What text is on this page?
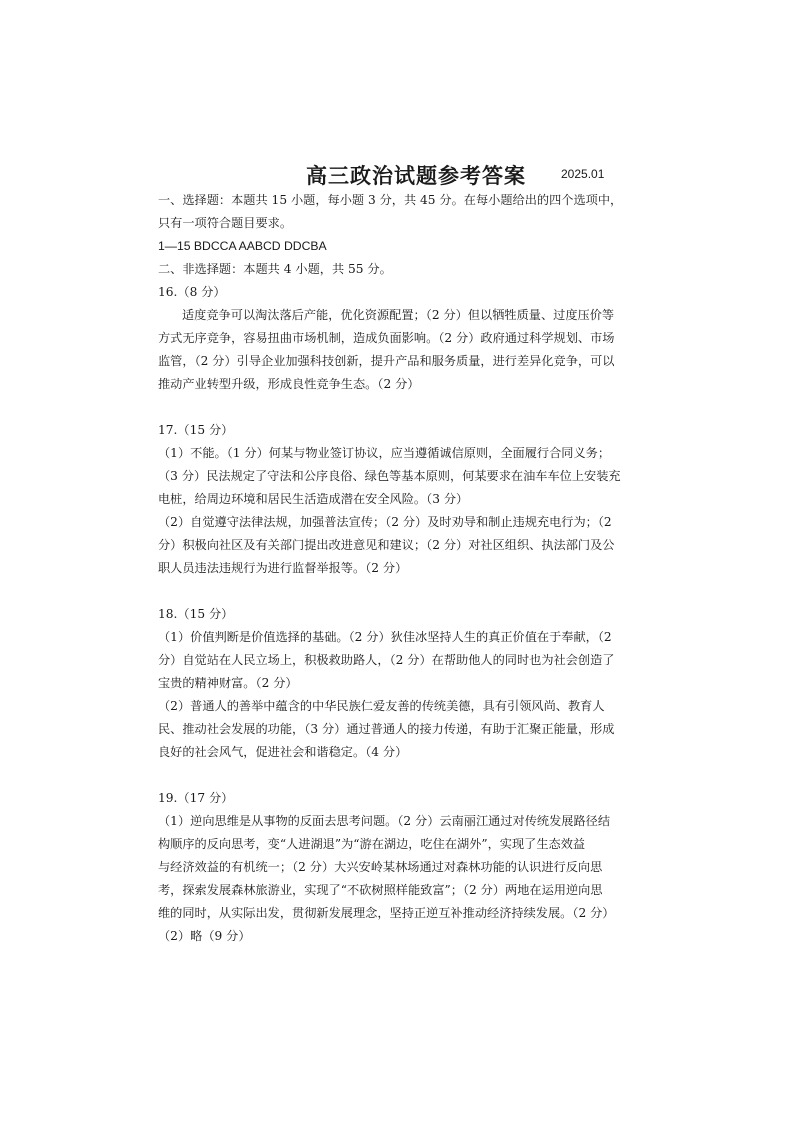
高三政治试题参考答案	2025.01
一、选择题：本题共 15 小题，每小题 3 分，共 45 分。在每小题给出的四个选项中，
只有一项符合题目要求。
1—15 BDCCA AABCD DDCBA
二、非选择题：本题共 4 小题，共 55 分。
16.（8 分）
适度竞争可以淘汰落后产能，优化资源配置；（2 分）但以牺牲质量、过度压价等
方式无序竞争，容易扭曲市场机制，造成负面影响。（2 分）政府通过科学规划、市场
监管，（2 分）引导企业加强科技创新，提升产品和服务质量，进行差异化竞争，可以
推动产业转型升级，形成良性竞争生态。（2 分）
17.（15 分）
（1）不能。（1 分）何某与物业签订协议，应当遵循诚信原则，全面履行合同义务；
（3 分）民法规定了守法和公序良俗、绿色等基本原则，何某要求在油车车位上安装充
电桩，给周边环境和居民生活造成潜在安全风险。（3 分）
（2）自觉遵守法律法规，加强普法宣传；（2 分）及时劝导和制止违规充电行为；（2
分）积极向社区及有关部门提出改进意见和建议；（2 分）对社区组织、执法部门及公
职人员违法违规行为进行监督举报等。（2 分）
18.（15 分）
（1）价值判断是价值选择的基础。（2 分）狄佳冰坚持人生的真正价值在于奉献，（2
分）自觉站在人民立场上，积极救助路人，（2 分）在帮助他人的同时也为社会创造了
宝贵的精神财富。（2 分）
（2）普通人的善举中蕴含的中华民族仁爱友善的传统美德，具有引领风尚、教育人
民、推动社会发展的功能，（3 分）通过普通人的接力传递，有助于汇聚正能量，形成
良好的社会风气，促进社会和谐稳定。（4 分）
19.（17 分）
（1）逆向思维是从事物的反面去思考问题。（2 分）云南丽江通过对传统发展路径结
构顺序的反向思考，变“人进湖退”为“游在湖边，吃住在湖外”，实现了生态效益
与经济效益的有机统一；（2 分）大兴安岭某林场通过对森林功能的认识进行反向思
考，探索发展森林旅游业，实现了“不砍树照样能致富”；（2 分）两地在运用逆向思
维的同时，从实际出发，贯彻新发展理念，坚持正逆互补推动经济持续发展。（2 分）
（2）略（9 分）
